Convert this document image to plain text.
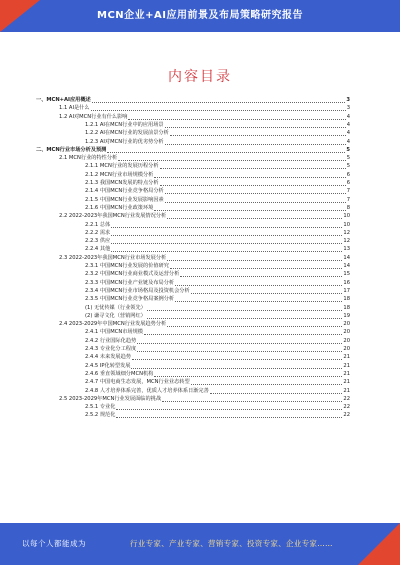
MCN企业+AI应用前景及布局策略研究报告
内容目录
一、MCN+AI应用概述	3
1.1 AI是什么	3
1.2 AI对MCN行业有什么影响	4
1.2.1 AI在MCN行业中的应用场景	4
1.2.2 AI在MCN行业的发展前景分析	4
1.2.3 AI对MCN行业的优劣势分析	4
二、MCN行业市场分析及预测	5
2.1 MCN行业的特性分析	5
2.1.1 MCN行业的发展历程分析	5
2.1.2 MCN行业市场规模分析	6
2.1.3 我国MCN发展的特点分析	6
2.1.4 中国MCN行业竞争格局分析	7
2.1.5 中国MCN行业发展影响因素	7
2.1.6 中国MCN行业政策环境	8
2.2 2022-2023年我国MCN行业发展情况分析	10
2.2.1 总体	10
2.2.2 需求	12
2.2.3 供应	12
2.2.4 其他	13
2.3 2022-2023年我国MCN行业市场发展分析	14
2.3.1 中国MCN行业发展的价值研究	14
2.3.2 中国MCN行业商业模式及运营分析	15
2.3.3 中国MCN行业产业链及布局分析	16
2.3.4 中国MCN行业市场格局及投资机会分析	17
2.3.5 中国MCN行业竞争格局案例分析	18
(1) 无忧传媒（行业领先）	18
(2) 谦寻文化（营销网红）	19
2.4 2023-2029年中国MCN行业发展趋势分析	20
2.4.1 中国MCN市场规模	20
2.4.2 行业国际化趋势	20
2.4.3 专业化分工程度	20
2.4.4 未来发展趋势	21
2.4.5 IP化转型发展	21
2.4.6 垂直领域细分MCN机构	21
2.4.7 中国电商生态发展，MCN行业业态转型	21
2.4.8 人才培养体系完善，优质人才培养体系日渐完善	21
2.5 2023-2029年MCN行业发展面临的挑战	22
2.5.1 专业化	22
2.5.2 规范化	22
以每个人都能成为	行业专家、产业专家、营销专家、投资专家、企业专家……
